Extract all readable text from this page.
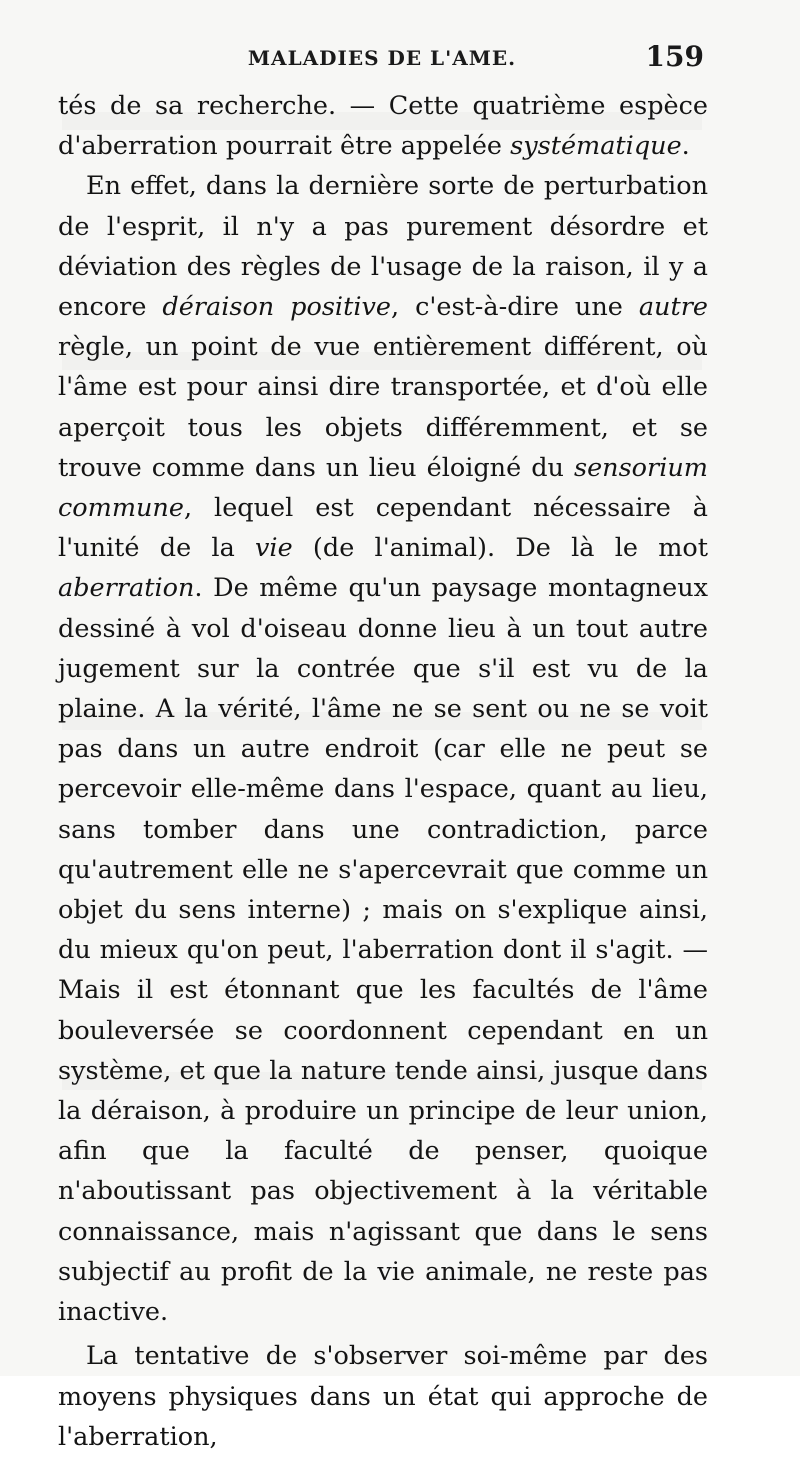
MALADIES DE L'AME.	159

tés de sa recherche. — Cette quatrième espèce d'aberration pourrait être appelée systématique.

En effet, dans la dernière sorte de perturbation de l'esprit, il n'y a pas purement désordre et déviation des règles de l'usage de la raison, il y a encore déraison positive, c'est-à-dire une autre règle, un point de vue entièrement différent, où l'âme est pour ainsi dire transportée, et d'où elle aperçoit tous les objets différemment, et se trouve comme dans un lieu éloigné du sensorium commune, lequel est cependant nécessaire à l'unité de la vie (de l'animal). De là le mot aberration. De même qu'un paysage montagneux dessiné à vol d'oiseau donne lieu à un tout autre jugement sur la contrée que s'il est vu de la plaine. A la vérité, l'âme ne se sent ou ne se voit pas dans un autre endroit (car elle ne peut se percevoir elle-même dans l'espace, quant au lieu, sans tomber dans une contradiction, parce qu'autrement elle ne s'apercevrait que comme un objet du sens interne) ; mais on s'explique ainsi, du mieux qu'on peut, l'aberration dont il s'agit. — Mais il est étonnant que les facultés de l'âme bouleversée se coordonnent cependant en un système, et que la nature tende ainsi, jusque dans la déraison, à produire un principe de leur union, afin que la faculté de penser, quoique n'aboutissant pas objectivement à la véritable connaissance, mais n'agissant que dans le sens subjectif au profit de la vie animale, ne reste pas inactive.

La tentative de s'observer soi-même par des moyens physiques dans un état qui approche de l'aberration,
